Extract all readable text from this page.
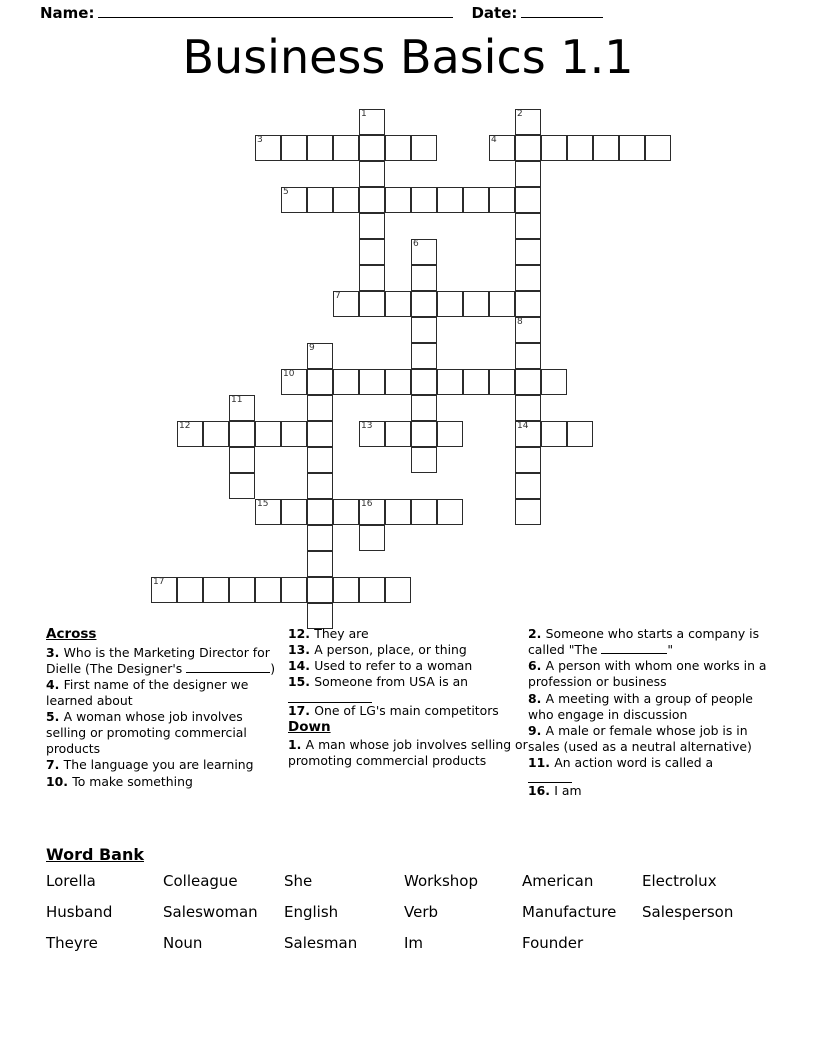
Name:	Date:
Business Basics 1.1
1	2
3	4
5
6
7
8
9
10
11
12	13	14
15	16
17
Across
3. Who is the Marketing Director for Dielle (The Designer's	)
4. First name of the designer we learned about
5. A woman whose job involves selling or promoting commercial products
7. The language you are learning
10. To make something
12. They are
13. A person, place, or thing
14. Used to refer to a woman
15. Someone from USA is an
17. One of LG's main competitors
Down
1. A man whose job involves selling or promoting commercial products
2. Someone who starts a company is called "The	"
6. A person with whom one works in a profession or business
8. A meeting with a group of people who engage in discussion
9. A male or female whose job is in sales (used as a neutral alternative)
11. An action word is called a
16. I am
Word Bank
Lorella	Colleague	She	Workshop	American	Electrolux
Husband	Saleswoman	English	Verb	Manufacture	Salesperson
Theyre	Noun	Salesman	Im	Founder
